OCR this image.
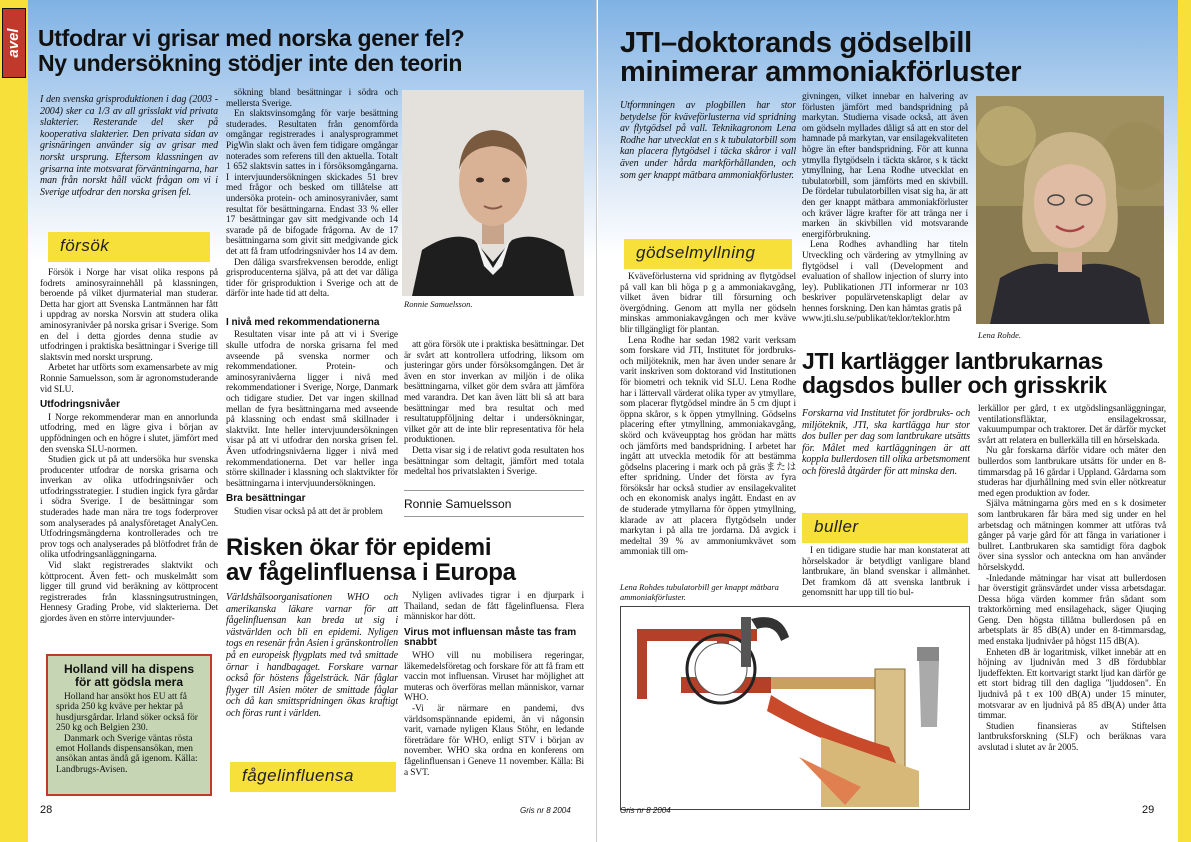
avel Utfodrar vi grisar med norska gener fel?
Ny undersökning stödjer inte den teorin
I den svenska grisproduktionen i dag (2003 - 2004) sker ca 1/3 av all grisslakt vid privata slakterier. Resterande del sker på kooperativa slakterier. Den privata sidan av grisnäringen använder sig av grisar med norskt ursprung. Eftersom klassningen av grisarna inte motsvarat förväntningarna, har man från norskt håll väckt frågan om vi i Sverige utfodrar den norska grisen fel.
försök

Försök i Norge har visat olika respons på fodrets aminosyrainnehåll på klassningen, beroende på vilket djurmaterial man studerar. Detta har gjort att Svenska Lantmännen har fått i uppdrag av norska Norsvin att studera olika aminosyranivåer på norska grisar i Sverige. Som en del i detta gjordes denna studie av utfodringen i praktiska besättningar i Sverige till slaktsvin med norskt ursprung.

Arbetet har utförts som examensarbete av mig Ronnie Samuelsson, som är agronomstuderande vid SLU.

Utfodringsnivåer

I Norge rekommenderar man en annorlunda utfodring, med en lägre giva i början av uppfödningen och en högre i slutet, jämfört med den svenska SLU-normen.

Studien gick ut på att undersöka hur svenska producenter utfodrar de norska grisarna och inverkan av olika utfodringsnivåer och utfodringsstrategier. I studien ingick fyra gårdar i södra Sverige. I de besättningar som studerades hade man nära tre togs foderprover som analyserades på analysföretaget AnalyCen. Utfodringsmängderna kontrollerades och tre prov togs och analyserades på blötfodret från de olika utfodringsanläggningarna.

Vid slakt registrerades slaktvikt och köttprocent. Även fett- och muskelmått som ligger till grund vid beräkning av köttprocent registrerades från klassningsutrustningen, Hennesy Grading Probe, vid slakterierna. Det gjordes även en större intervjuunder-

Holland vill ha dispens för att gödsla mera

Holland har ansökt hos EU att få sprida 250 kg kväve per hektar på husdjursgårdar. Irland söker också för 250 kg och Belgien 230.

Danmark och Sverige väntas rösta emot Hollands dispensansökan, men ansökan antas ändå gå igenom. Källa: Landbrugs-Avisen.

sökning bland besättningar i södra och mellersta Sverige.

En slaktsvinsomgång för varje besättning studerades. Resultaten från genomförda omgångar registrerades i analysprogrammet PigWin slakt och även fem tidigare omgångar noterades som referens till den aktuella. Totalt 1 652 slaktsvin sattes in i försöksomgångarna. I intervjuundersökningen skickades 51 brev med frågor och besked om tillåtelse att undersöka protein- och aminosyranivåer, samt resultat för besättningarna. Endast 33 % eller 17 besättningar gav sitt medgivande och 14 svarade på de bifogade frågorna. Av de 17 besättningarna som givit sitt medgivande gick det att få fram utfodringsnivåer hos 14 av dem.

Den dåliga svarsfrekvensen berodde, enligt grisproducenterna själva, på att det var dåliga tider för grisproduktion i Sverige och att de därför inte hade tid att delta.

I nivå med rekommendationerna

Resultaten visar inte på att vi i Sverige skulle utfodra de norska grisarna fel med avseende på svenska normer och rekommendationer. Protein- och aminosyranivåerna ligger i nivå med rekommendationer i Sverige, Norge, Danmark och tidigare studier. Det var ingen skillnad mellan de fyra besättningarna med avseende på klassning och endast små skillnader i slaktvikt. Inte heller intervjuundersökningen visar på att vi utfodrar den norska grisen fel. Även utfodringsnivåerna ligger i nivå med rekommendationerna. Det var heller inga större skillnader i klassning och slaktvikter för besättningarna i intervjuundersökningen.

Bra besättningar

Studien visar också på att det är problem

Ronnie Samuelsson.

att göra försök ute i praktiska besättningar. Det är svårt att kontrollera utfodring, liksom om justeringar görs under försöksomgången. Det är även en stor inverkan av miljön i de olika besättningarna, vilket gör dem svåra att jämföra med varandra. Det kan även lätt bli så att bara besättningar med bra resultat och med resultatuppföljning deltar i undersökningar, vilket gör att de inte blir representativa för hela produktionen.

Detta visar sig i de relativt goda resultaten hos besättningar som deltagit, jämfört med totala medeltal hos privatslakten i Sverige.

Ronnie Samuelsson
Risken ökar för epidemi
av fågelinfluensa i Europa
Världshälsoorganisationen WHO och amerikanska läkare varnar för att fågelinfluensan kan breda ut sig i västvärlden och bli en epidemi. Nyligen togs en resenär från Asien i gränskontrollen på en europeisk flygplats med två smittade örnar i handbagaget. Forskare varnar också för höstens fågelsträck. När fåglar flyger till Asien möter de smittade fåglar och då kan smittspridningen ökas kraftigt och föras runt i världen.
fågelinfluensa

Nyligen avlivades tigrar i en djurpark i Thailand, sedan de fått fågelinfluensa. Flera människor har dött.

Virus mot influensan måste tas fram snabbt

WHO vill nu mobilisera regeringar, läkemedelsföretag och forskare för att få fram ett vaccin mot influensan. Viruset har möjlighet att muteras och överföras mellan människor, varnar WHO.

-Vi är närmare en pandemi, dvs världsomspännande epidemi, än vi någonsin varit, varnade nyligen Klaus Stöhr, en ledande företrädare för WHO, enligt STV i början av november. WHO ska ordna en konferens om fågelinfluensan i Geneve 11 november. Källa: Bi a SVT.

28	Gris nr 8 2004
JTI–doktorands gödselbill
minimerar ammoniakförluster
Utformningen av plogbillen har stor betydelse för kväveförlusterna vid spridning av flytgödsel på vall. Teknikagronom Lena Rodhe har utvecklat en s k tubulatorbill som kan placera flytgödsel i täcka skåror i vall även under hårda markförhållanden, och som ger knappt mätbara ammoniakförluster.
gödselmyllning

Kväveförlusterna vid spridning av flytgödsel på vall kan bli höga p g a ammoniakavgång, vilket även bidrar till försurning och övergödning. Genom att mylla ner gödseln minskas ammoniakavgången och mer kväve blir tillgängligt för plantan.

Lena Rodhe har sedan 1982 varit verksam som forskare vid JTI, Institutet för jordbruks- och miljöteknik, men har även under senare år varit inskriven som doktorand vid Institutionen för biometri och teknik vid SLU. Lena Rodhe har i lättervall värderat olika typer av ytmyllare, som placerar flytgödsel mindre än 5 cm djupt i öppna skåror, s k öppen ytmyllning. Gödselns placering efter ytmyllning, ammoniakavgång, skörd och kväveupptag hos grödan har mätts och jämförts med bandspridning. I arbetet har ingått att utveckla metodik för att bestämma gödselns placering i mark och på gräsまたは efter spridning. Under det första av fyra försöksår har också studier av ensilagekvalitet och en ekonomisk analys ingått. Endast en av de studerade ytmyllarna för öppen ytmyllning, klarade av att placera flytgödseln under markytan i på alla tre jordarna. Då avgick i medeltal 39 % av ammoniumkvävet som ammoniak till om-

givningen, vilket innebar en halvering av förlusten jämfört med bandspridning på markytan. Studierna visade också, att även om gödseln myllades dåligt så att en stor del hamnade på markytan, var ensilagekvaliteten högre än efter bandspridning. För att kunna ytmylla flytgödseln i täckta skåror, s k täckt ytmyllning, har Lena Rodhe utvecklat en tubulatorbill, som jämförts med en skivbill. De fördelar tubulatorbillen visat sig ha, är att den ger knappt mätbara ammoniakförluster och kräver lägre krafter för att tränga ner i marken än skivbillen vid motsvarande energiförbrukning.

Lena Rodhes avhandling har titeln Utveckling och värdering av ytmyllning av flytgödsel i vall (Development and evaluation of shallow injection of slurry into ley). Publikationen JTI informerar nr 103 beskriver populärvetenskapligt delar av hennes forskning. Den kan hämtas gratis på

www.jti.slu.se/publikat/teklor/teklor.htm

Lena Rohde.
Lena Rohdes tubulatorbill ger knappt mätbara ammoniakförluster.
JTI kartlägger lantbrukarnas
dagsdos buller och grisskrik
Forskarna vid Institutet för jordbruks- och miljöteknik, JTI, ska kartlägga hur stor dos buller per dag som lantbrukare utsätts för. Målet med kartläggningen är att koppla bullerdosen till olika arbetsmoment och föreslå åtgärder för att minska den.
buller

I en tidigare studie har man konstaterat att hörselskador är betydligt vanligare bland lantbrukare, än bland svenskar i allmänhet. Det framkom då att svenska lantbruk i genomsnitt har upp till tio bul-

lerkällor per gård, t ex utgödslingsanläggningar, ventilationsfläktar, ensilagekrossar, vakuumpumpar och traktorer. Det är därför mycket svårt att relatera en bullerkälla till en hörselskada.

Nu går forskarna därför vidare och mäter den bullerdos som lantbrukare utsätts för under en 8-timmarsdag på 16 gårdar i Uppland. Gårdarna som studeras har djurhållning med svin eller nötkreatur med egen produktion av foder.

Själva mätningarna görs med en s k dosimeter som lantbrukaren får bära med sig under en hel arbetsdag och mätningen kommer att utföras två gånger på varje gård för att fånga in variationer i bullret. Lantbrukaren ska samtidigt föra dagbok över sina sysslor och anteckna om han använder hörselskydd.

-Inledande mätningar har visat att bullerdosen har överstigit gränsvärdet under vissa arbetsdagar. Dessa höga värden kommer från sådant som traktorkörning med ensilagehack, säger Qiuqing Geng. Den högsta tillåtna bullerdosen på en arbetsplats är 85 dB(A) under en 8-timmarsdag, med enstaka ljudnivåer på högst 115 dB(A).

Enheten dB är logaritmisk, vilket innebär att en höjning av ljudnivån med 3 dB fördubblar ljudeffekten. Ett kortvarigt starkt ljud kan därför ge ett stort bidrag till den dagliga "ljuddosen". En ljudnivå på t ex 100 dB(A) under 15 minuter, motsvarar av en ljudnivå på 85 dB(A) under åtta timmar.

Studien finansieras av Stiftelsen lantbruksforskning (SLF) och beräknas vara avslutad i slutet av år 2005.

Gris nr 8 2004	29
